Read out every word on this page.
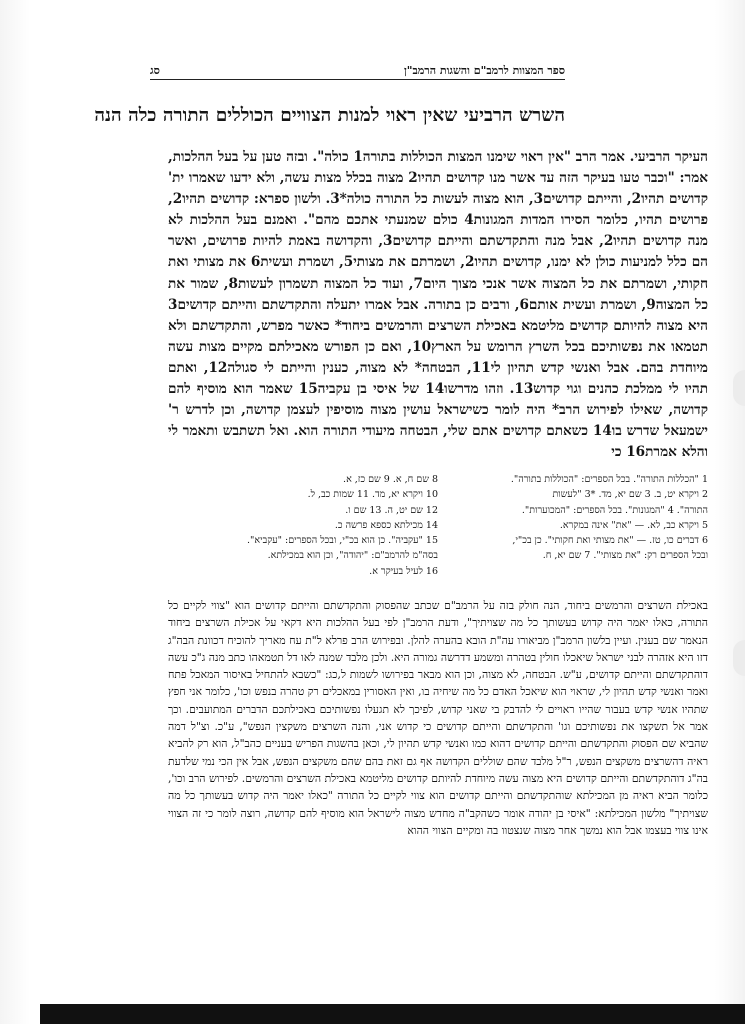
ספר המצוות לרמב"ם והשגות הרמב"ן
סג
השרש הרביעי שאין ראוי למנות הצוויים הכוללים התורה כלה הנה
העיקר הרביעי. אמר הרב "אין ראוי שימנו המצות הכוללות בתורה1 כולה". ובזה טען על בעל ההלכות, אמר: "וכבר טעו בעיקר הזה עד אשר מנו קדושים תהיו2 מצוה בכלל מצות עשה, ולא ידעו שאמרו ית' קדושים תהיו2, והייתם קדושים3, הוא מצוה לעשות כל התורה כולה*3. ולשון ספרא: קדושים תהיו2, פרושים תהיו, כלומר הסירו המדות המגונות4 כולם שמנעתי אתכם מהם". ואמנם בעל ההלכות לא מנה קדושים תהיו2, אבל מנה והתקדשתם והייתם קדושים3, והקדושה באמת להיות פרושים, ואשר הם כלל למניעות כולן לא ימנו, קדושים תהיו2, ושמרתם את מצותי5, ושמרת ועשית6 את מצותי ואת חקותי, ושמרתם את כל המצוה אשר אנכי מצוך היום7, ועוד כל המצוה תשמרון לעשות8, שמור את כל המצוה9, ושמרת ועשית אותם6, ורבים כן בתורה. אבל אמרו יתעלה והתקדשתם והייתם קדושים3 היא מצוה להיותם קדושים מליטמא באכילת השרצים והרמשים ביחוד* כאשר מפרש, והתקדשתם ולא תטמאו את נפשותיכם בכל השרץ הרומש על הארץ10, ואם כן הפורש מאכילתם מקיים מצות עשה מיוחדת בהם. אבל ואנשי קדש תהיון לי11, הבטחה* לא מצוה, כענין והייתם לי סגולה12, ואתם תהיו לי ממלכת כהנים וגוי קדוש13. וזהו מדרשו14 של איסי בן עקביה15 שאמר הוא מוסיף להם קדושה, שאילו לפירוש הרב* היה לומר כשישראל עושין מצוה מוסיפין לעצמן קדושה, וכן לדרש ר' ישמעאל שדרש בו14 כשאתם קדושים אתם שלי, הבטחה מיעודי התורה הוא. ואל תשתבש ותאמר לי והלא אמרת16 כי
1 "הכללות התורה". בכל הספרים: "הכוללות בתורה".
2 ויקרא יט, ב. 3 שם יא, מד. *3 "לעשות
התורה". 4 "המגונות". בכל הספרים: "המכוערות".
5 ויקרא כב, לא. — "את" אינה במקרא.
6 דברים כו, טז. — "את מצותי ואת חקותי". כן בכ"י,
ובכל הספרים רק: "את מצותי". 7 שם יא, ח.
8 שם ח, א. 9 שם כז, א.
10 ויקרא יא, מד. 11 שמות כב, ל.
12 שם יט, ה. 13 שם ו.
14 מכילתא כספא פרשה כ.
15 "עקביה". כן הוא בכ"י, ובכל הספרים: "עקביא".
בסה"מ להרמב"ם: "יהודה", וכן הוא במכילתא.
16 לעיל בעיקר א.
באכילת השרצים והרמשים ביחוד, הנה חולק בזה על הרמב"ם שכתב שהפסוק והתקדשתם והייתם קדושים הוא "צווי לקיים כל התורה, כאלו יאמר היה קדוש בעשותך כל מה שצויתיך", ודעת הרמב"ן לפי בעל ההלכות היא דקאי על אכילת השרצים ביחוד הנאמר שם בענין. ועיין בלשון הרמב"ן מביאורו עה"ת הובא בהערה להלן. ובפירוש הרב פרלא ל"ת עח מאריך להוכיח דכוונת הבה"ג דזו היא אזהרה לבני ישראל שיאכלו חולין בטהרה ומשמע דדרשה גמורה היא. ולכן מלבד שמנה לאו דל תטמאהו כתב מנה ג"כ עשה דוהתקדשתם והייתם קדושים, ע"ש. הבטחה, לא מצוה, וכן הוא מבאר בפירושו לשמות ל,כג: "כשבא להתחיל באיסור המאכל פתח ואמר ואנשי קדש תהיון לי, שראוי הוא שיאכל האדם כל מה שיחיה בו, ואין האסורין במאכלים רק טהרה בנפש וכו', כלומר אני חפץ שתהיו אנשי קדש בעבור שהייו ראויים לי להדבק בי שאני קדוש, לפיכך לא תגעלו נפשותיכם באכילתכם הדברים המתועבים. וכך אמר אל תשקצו את נפשותיכם וגו' והתקדשתם והייתם קדושים כי קדוש אני, והנה השרצים משקצין הנפש", ע"כ. וצ"ל דמה שהביא שם הפסוק והתקדשתם והייתם קדושים דהוא כמו ואנשי קדש תהיון לי, וכאן בהשגות הפריש בעניים כהב"ל, הוא רק להביא ראיה דהשרצים משקצים הנפש, ר"ל מלבד שהם שוללים הקדושה אף גם זאת בהם שהם משקצים הנפש, אבל אין הכי נמי שלדעת בה"ג דוהתקדשתם והייתם קדושים היא מצוה עשה מיוחדת להיותם קדושים מליטמא באכילת השרצים והרמשים. לפירוש הרב וכו', כלומר הביא ראיה מן המכילתא שוהתקדשתם והייתם קדושים הוא צווי לקיים כל התורה "כאלו יאמר היה קדוש בעשותך כל מה שצויתיך" מלשון המכילתא: "איסי בן יהודה אומר כשהקב"ה מחדש מצוה לישראל הוא מוסיף להם קדושה, רוצה לומר כי זה הצווי אינו צווי בעצמו אבל הוא נמשך אחר מצוה שנצטוו בה ומקיים הצווי ההוא
